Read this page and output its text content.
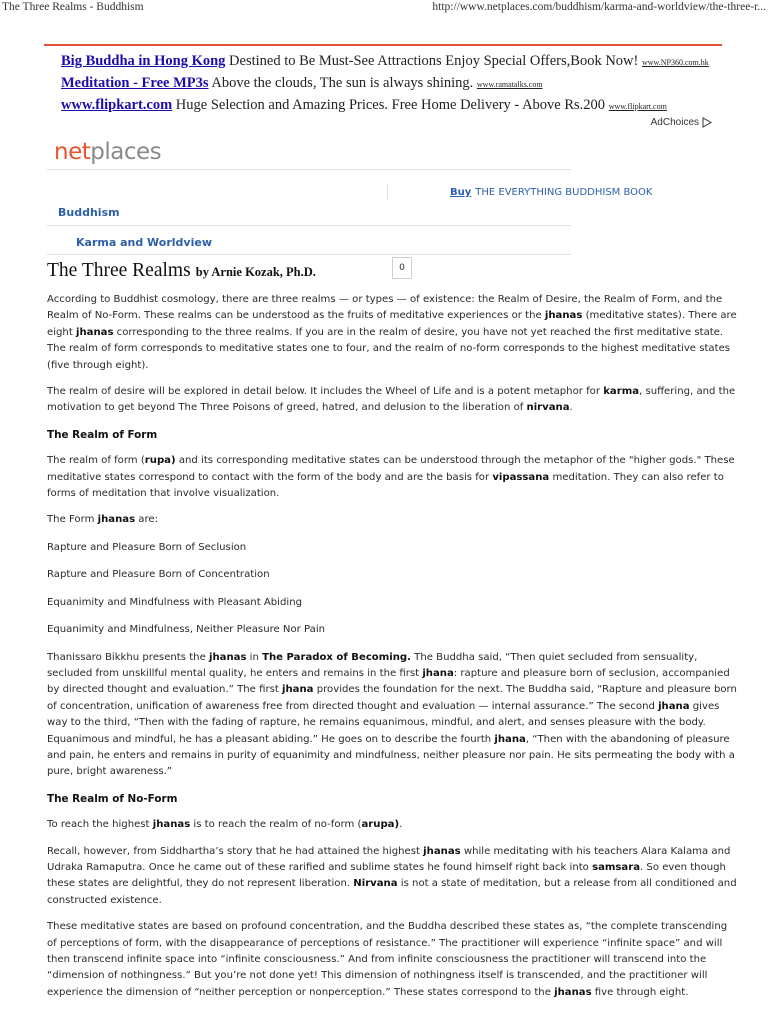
The Three Realms - Buddhism	http://www.netplaces.com/buddhism/karma-and-worldview/the-three-r...
Big Buddha in Hong Kong Destined to Be Must-See Attractions Enjoy Special Offers,Book Now! www.NP360.com.hk
Meditation - Free MP3s Above the clouds, The sun is always shining. www.ramatalks.com
www.flipkart.com Huge Selection and Amazing Prices. Free Home Delivery - Above Rs.200 www.flipkart.com
AdChoices
netplaces
Buy THE EVERYTHING BUDDHISM BOOK
Buddhism
Karma and Worldview
The Three Realms by Arnie Kozak, Ph.D.	0

According to Buddhist cosmology, there are three realms — or types — of existence: the Realm of Desire, the Realm of Form, and the Realm of No-Form. These realms can be understood as the fruits of meditative experiences or the jhanas (meditative states). There are eight jhanas corresponding to the three realms. If you are in the realm of desire, you have not yet reached the first meditative state. The realm of form corresponds to meditative states one to four, and the realm of no-form corresponds to the highest meditative states (five through eight).

The realm of desire will be explored in detail below. It includes the Wheel of Life and is a potent metaphor for karma, suffering, and the motivation to get beyond The Three Poisons of greed, hatred, and delusion to the liberation of nirvana.

The Realm of Form

The realm of form (rupa) and its corresponding meditative states can be understood through the metaphor of the "higher gods." These meditative states correspond to contact with the form of the body and are the basis for vipassana meditation. They can also refer to forms of meditation that involve visualization.

The Form jhanas are:

Rapture and Pleasure Born of Seclusion

Rapture and Pleasure Born of Concentration

Equanimity and Mindfulness with Pleasant Abiding

Equanimity and Mindfulness, Neither Pleasure Nor Pain

Thanissaro Bikkhu presents the jhanas in The Paradox of Becoming. The Buddha said, “Then quiet secluded from sensuality, secluded from unskillful mental quality, he enters and remains in the first jhana: rapture and pleasure born of seclusion, accompanied by directed thought and evaluation.” The first jhana provides the foundation for the next. The Buddha said, “Rapture and pleasure born of concentration, unification of awareness free from directed thought and evaluation — internal assurance.” The second jhana gives way to the third, “Then with the fading of rapture, he remains equanimous, mindful, and alert, and senses pleasure with the body. Equanimous and mindful, he has a pleasant abiding.” He goes on to describe the fourth jhana, “Then with the abandoning of pleasure and pain, he enters and remains in purity of equanimity and mindfulness, neither pleasure nor pain. He sits permeating the body with a pure, bright awareness.”

The Realm of No-Form

To reach the highest jhanas is to reach the realm of no-form (arupa).

Recall, however, from Siddhartha’s story that he had attained the highest jhanas while meditating with his teachers Alara Kalama and Udraka Ramaputra. Once he came out of these rarified and sublime states he found himself right back into samsara. So even though these states are delightful, they do not represent liberation. Nirvana is not a state of meditation, but a release from all conditioned and constructed existence.

These meditative states are based on profound concentration, and the Buddha described these states as, “the complete transcending of perceptions of form, with the disappearance of perceptions of resistance.” The practitioner will experience “infinite space” and will then transcend infinite space into “infinite consciousness.” And from infinite consciousness the practitioner will transcend into the “dimension of nothingness.” But you’re not done yet! This dimension of nothingness itself is transcended, and the practitioner will experience the dimension of “neither perception or nonperception.” These states correspond to the jhanas five through eight.
